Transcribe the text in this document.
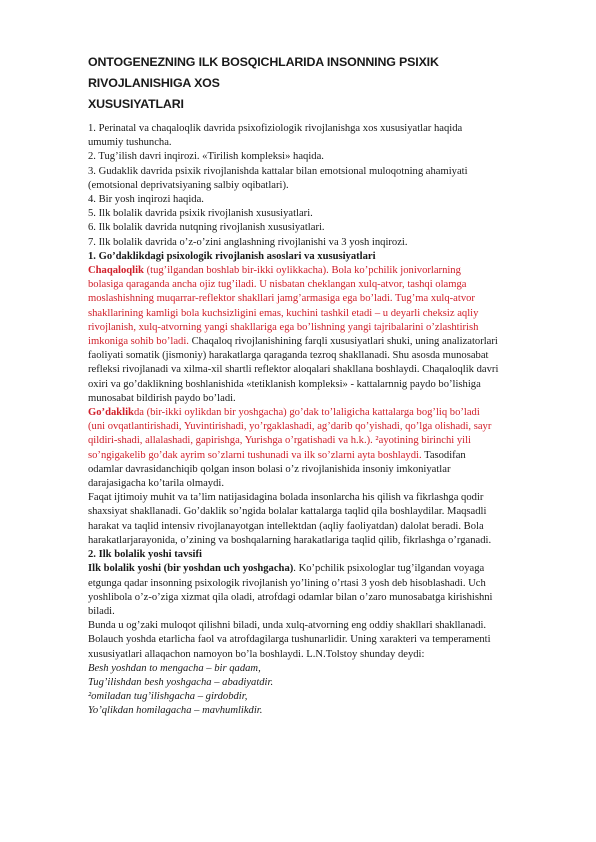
ONTOGENEZNING ILK BOSQICHLARIDA INSONNING PSIXIK RIVOJLANISHIGA XOS
XUSUSIYATLARI
1. Perinatal va chaqaloqlik davrida psixofiziologik rivojlanishga xos xususiyatlar haqida
umumiy tushuncha.
2. Tug’ilish davri inqirozi. «Tirilish kompleksi» haqida.
3. Gudaklik davrida psixik rivojlanishda kattalar bilan emotsional muloqotning ahamiyati
(emotsional deprivatsiyaning salbiy oqibatlari).
4. Bir yosh inqirozi haqida.
5. Ilk bolalik davrida psixik rivojlanish xususiyatlari.
6. Ilk bolalik davrida nutqning rivojlanish xususiyatlari.
7. Ilk bolalik davrida o’z-o’zini anglashning rivojlanishi va 3 yosh inqirozi.
1. Go’daklikdagi psixologik rivojlanish asoslari va xususiyatlari
Chaqaloqlik (tug’ilgandan boshlab bir-ikki oylikkacha). Bola ko’pchilik jonivorlarning
bolasiga qaraganda ancha ojiz tug’iladi. U nisbatan cheklangan xulq-atvor, tashqi olamga
moslashishning muqarrar-reflektor shakllari jamg’armasiga ega bo’ladi. Tug’ma xulq-atvor
shakllarining kamligi bola kuchsizligini emas, kuchini tashkil etadi – u deyarli cheksiz aqliy
rivojlanish, xulq-atvorning yangi shakllariga ega bo’lishning yangi tajribalarini o’zlashtirish
imkoniga sohib bo’ladi. Chaqaloq rivojlanishining farqli xususiyatlari shuki, uning analizatorlari
faoliyati somatik (jismoniy) harakatlarga qaraganda tezroq shakllanadi. Shu asosda munosabat
refleksi rivojlanadi va xilma-xil shartli reflektor aloqalari shakllana boshlaydi. Chaqaloqlik davri
oxiri va go’daklikning boshlanishida «tetiklanish kompleksi» - kattalarnnig paydo bo’lishiga
munosabat bildirish paydo bo’ladi.
Go’daklikda (bir-ikki oylikdan bir yoshgacha) go’dak to’laligicha kattalarga bog’liq bo’ladi
(uni ovqatlantirishadi, Yuvintirishadi, yo’rgaklashadi, ag’darib qo’yishadi, qo’lga olishadi, sayr
qildiri-shadi, allalashadi, gapirishga, Yurishga o’rgatishadi va h.k.). ²ayotining birinchi yili
so’ngigakelib go’dak ayrim so’zlarni tushunadi va ilk so’zlarni ayta boshlaydi. Tasodifan
odamlar davrasidanchiqib qolgan inson bolasi o’z rivojlanishida insoniy imkoniyatlar
darajasigacha ko’tarila olmaydi.
Faqat ijtimoiy muhit va ta’lim natijasidagina bolada insonlarcha his qilish va fikrlashga qodir
shaxsiyat shakllanadi. Go’daklik so’ngida bolalar kattalarga taqlid qila boshlaydilar. Maqsadli
harakat va taqlid intensiv rivojlanayotgan intellektdan (aqliy faoliyatdan) dalolat beradi. Bola
harakatlarjarayonida, o’zining va boshqalarning harakatlariga taqlid qilib, fikrlashga o’rganadi.
2. Ilk bolalik yoshi tavsifi
Ilk bolalik yoshi (bir yoshdan uch yoshgacha). Ko’pchilik psixologlar tug’ilgandan voyaga
etgunga qadar insonning psixologik rivojlanish yo’lining o’rtasi 3 yosh deb hisoblashadi. Uch
yoshlibola o’z-o’ziga xizmat qila oladi, atrofdagi odamlar bilan o’zaro munosabatga kirishishni
biladi.
Bunda u og’zaki muloqot qilishni biladi, unda xulq-atvorning eng oddiy shakllari shakllanadi.
Bolauch yoshda etarlicha faol va atrofdagilarga tushunarlidir. Uning xarakteri va temperamenti
xususiyatlari allaqachon namoyon bo’la boshlaydi. L.N.Tolstoy shunday deydi:
Besh yoshdan to mengacha – bir qadam,
Tug’ilishdan besh yoshgacha – abadiyatdir.
²omiladan tug’ilishgacha – girdobdir,
Yo’qlikdan homilagacha – mavhumlikdir.
